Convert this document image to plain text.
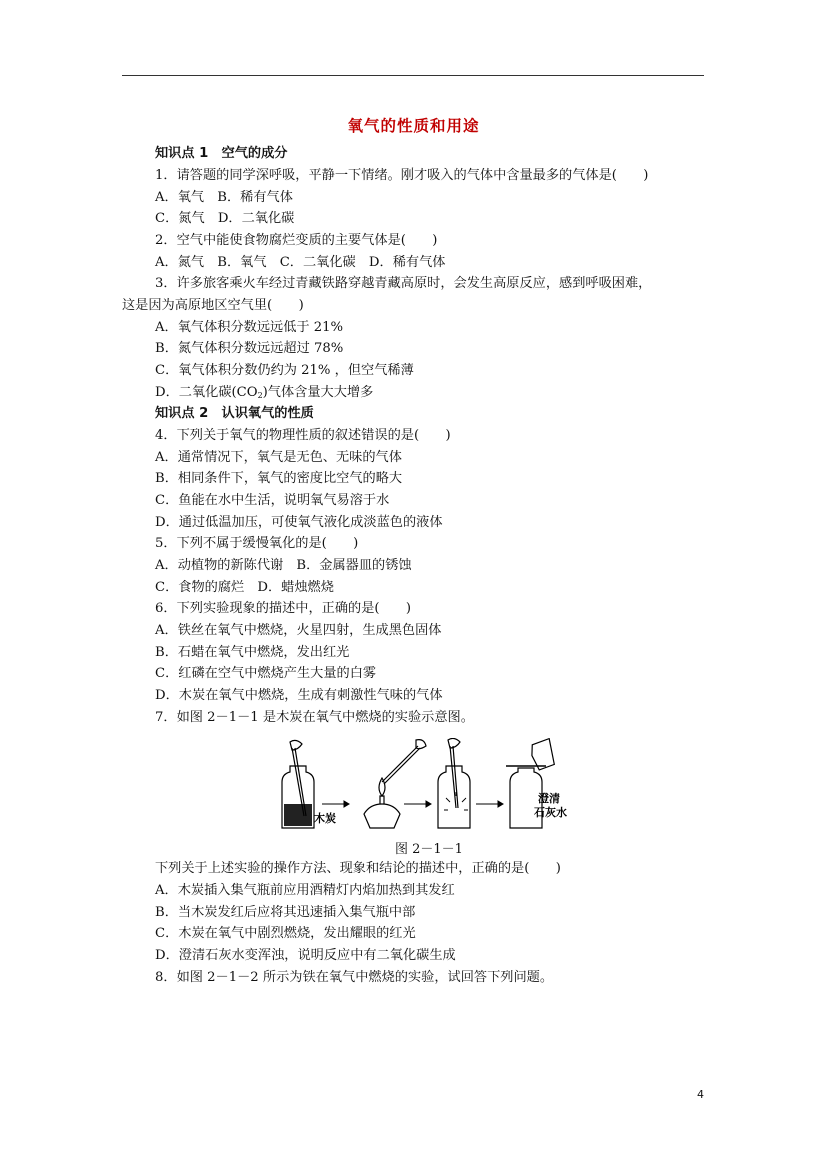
氧气的性质和用途
知识点 1　空气的成分
1．请答题的同学深呼吸，平静一下情绪。刚才吸入的气体中含量最多的气体是(　　)
A．氧气　B．稀有气体
C．氮气　D．二氧化碳
2．空气中能使食物腐烂变质的主要气体是(　　)
A．氮气　B．氧气　C．二氧化碳　D．稀有气体
3．许多旅客乘火车经过青藏铁路穿越青藏高原时，会发生高原反应，感到呼吸困难，
这是因为高原地区空气里(　　)
A．氧气体积分数远远低于 21%
B．氮气体积分数远远超过 78%
C．氧气体积分数仍约为 21% ，但空气稀薄
D．二氧化碳$(CO_2)$气体含量大大增多
知识点 2　认识氧气的性质
4．下列关于氧气的物理性质的叙述错误的是(　　)
A．通常情况下，氧气是无色、无味的气体
B．相同条件下，氧气的密度比空气的略大
C．鱼能在水中生活，说明氧气易溶于水
D．通过低温加压，可使氧气液化成淡蓝色的液体
5．下列不属于缓慢氧化的是(　　)
A．动植物的新陈代谢　B．金属器皿的锈蚀
C．食物的腐烂　D．蜡烛燃烧
6．下列实验现象的描述中，正确的是(　　)
A．铁丝在氧气中燃烧，火星四射，生成黑色固体
B．石蜡在氧气中燃烧，发出红光
C．红磷在空气中燃烧产生大量的白雾
D．木炭在氧气中燃烧，生成有刺激性气味的气体
7．如图 2－1－1 是木炭在氧气中燃烧的实验示意图。
木炭
澄清
石灰水
图 2－1－1
下列关于上述实验的操作方法、现象和结论的描述中，正确的是(　　)
A．木炭插入集气瓶前应用酒精灯内焰加热到其发红
B．当木炭发红后应将其迅速插入集气瓶中部
C．木炭在氧气中剧烈燃烧，发出耀眼的红光
D．澄清石灰水变浑浊，说明反应中有二氧化碳生成
8．如图 2－1－2 所示为铁在氧气中燃烧的实验，试回答下列问题。
4
